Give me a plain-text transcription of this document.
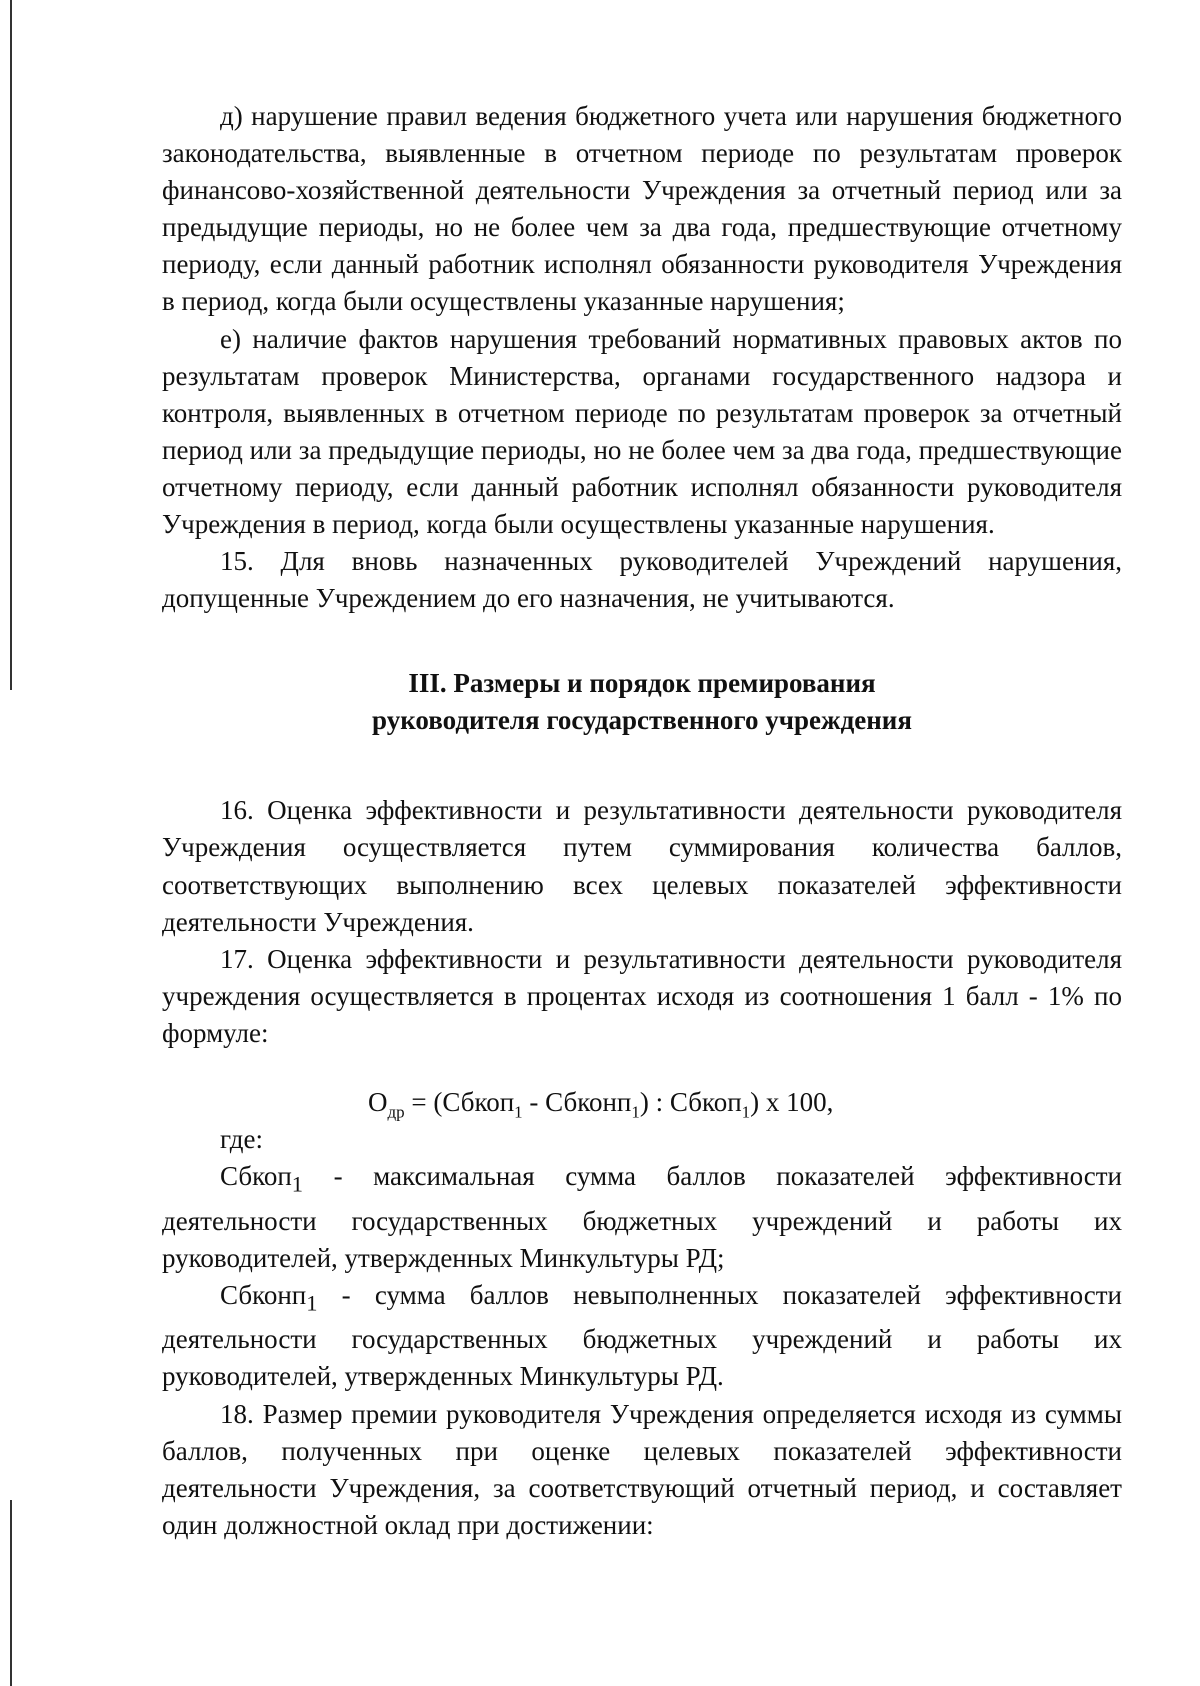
д) нарушение правил ведения бюджетного учета или нарушения бюджетного законодательства, выявленные в отчетном периоде по результатам проверок финансово-хозяйственной деятельности Учреждения за отчетный период или за предыдущие периоды, но не более чем за два года, предшествующие отчетному периоду, если данный работник исполнял обязанности руководителя Учреждения в период, когда были осуществлены указанные нарушения;

е) наличие фактов нарушения требований нормативных правовых актов по результатам проверок Министерства, органами государственного надзора и контроля, выявленных в отчетном периоде по результатам проверок за отчетный период или за предыдущие периоды, но не более чем за два года, предшествующие отчетному периоду, если данный работник исполнял обязанности руководителя Учреждения в период, когда были осуществлены указанные нарушения.

15. Для вновь назначенных руководителей Учреждений нарушения, допущенные Учреждением до его назначения, не учитываются.

III. Размеры и порядок премирования
руководителя государственного учреждения

16. Оценка эффективности и результативности деятельности руководителя Учреждения осуществляется путем суммирования количества баллов, соответствующих выполнению всех целевых показателей эффективности деятельности Учреждения.

17. Оценка эффективности и результативности деятельности руководителя учреждения осуществляется в процентах исходя из соотношения 1 балл - 1% по формуле:

$О_{др}$ = (Сбкоп$_1$ - Сбконп$_1$) : Сбкоп$_1$) х 100,

где:

Сбкоп$_1$ - максимальная сумма баллов показателей эффективности деятельности государственных бюджетных учреждений и работы их руководителей, утвержденных Минкультуры РД;

Сбконп$_1$ - сумма баллов невыполненных показателей эффективности деятельности государственных бюджетных учреждений и работы их руководителей, утвержденных Минкультуры РД.

18. Размер премии руководителя Учреждения определяется исходя из суммы баллов, полученных при оценке целевых показателей эффективности деятельности Учреждения, за соответствующий отчетный период, и составляет один должностной оклад при достижении:
